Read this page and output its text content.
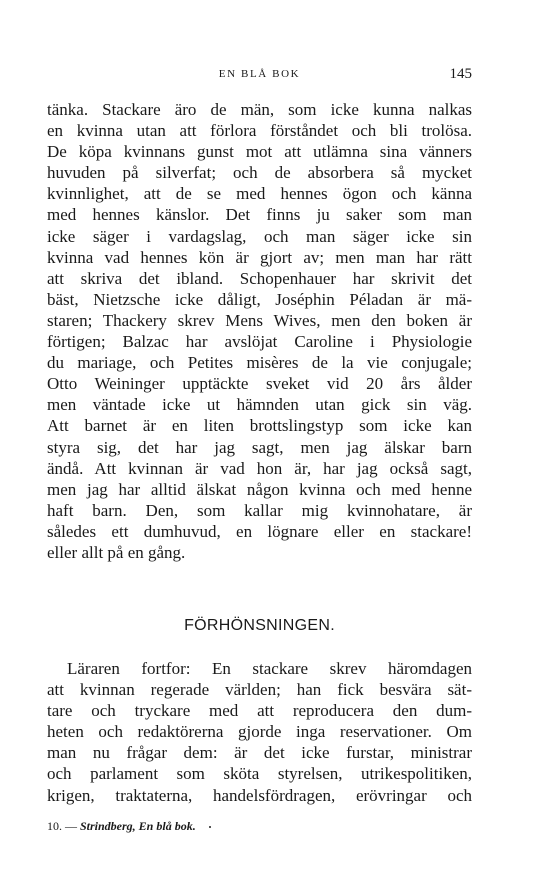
EN BLÅ BOK	145
tänka. Stackare äro de män, som icke kunna nalkas
en kvinna utan att förlora förståndet och bli trolösa.
De köpa kvinnans gunst mot att utlämna sina vänners
huvuden på silverfat; och de absorbera så mycket
kvinnlighet, att de se med hennes ögon och känna
med hennes känslor. Det finns ju saker som man
icke säger i vardagslag, och man säger icke sin
kvinna vad hennes kön är gjort av; men man har rätt
att skriva det ibland. Schopenhauer har skrivit det
bäst, Nietzsche icke dåligt, Joséphin Péladan är mä-
staren; Thackery skrev Mens Wives, men den boken är
förtigen; Balzac har avslöjat Caroline i Physiologie
du mariage, och Petites misères de la vie conjugale;
Otto Weininger upptäckte sveket vid 20 års ålder
men väntade icke ut hämnden utan gick sin väg.
Att barnet är en liten brottslingstyp som icke kan
styra sig, det har jag sagt, men jag älskar barn
ändå. Att kvinnan är vad hon är, har jag också sagt,
men jag har alltid älskat någon kvinna och med henne
haft barn. Den, som kallar mig kvinnohatare, är
således ett dumhuvud, en lögnare eller en stackare!
eller allt på en gång.
FÖRHÖNSNINGEN.
Läraren fortfor: En stackare skrev häromdagen
att kvinnan regerade världen; han fick besvära sät-
tare och tryckare med att reproducera den dum-
heten och redaktörerna gjorde inga reservationer. Om
man nu frågar dem: är det icke furstar, ministrar
och parlament som sköta styrelsen, utrikespolitiken,
krigen, traktaterna, handelsfördragen, erövringar och
10. — Strindberg, En blå bok.
